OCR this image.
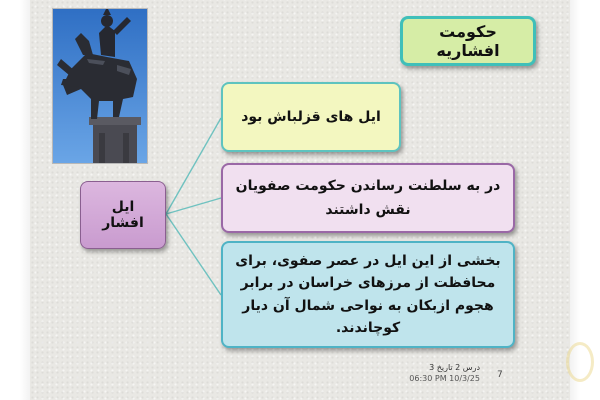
حکومت افشاریه
ایل افشار
ایل های قزلباش بود
در به سلطنت رساندن حکومت صفویان نقش داشتند
بخشی از این ایل در عصر صفوی، برای محافظت از مرزهای خراسان در برابر هجوم ازبکان به نواحی شمال آن دیار کوچاندند.
درس 2 تاریخ 3
06:30 PM 10/3/25 7
